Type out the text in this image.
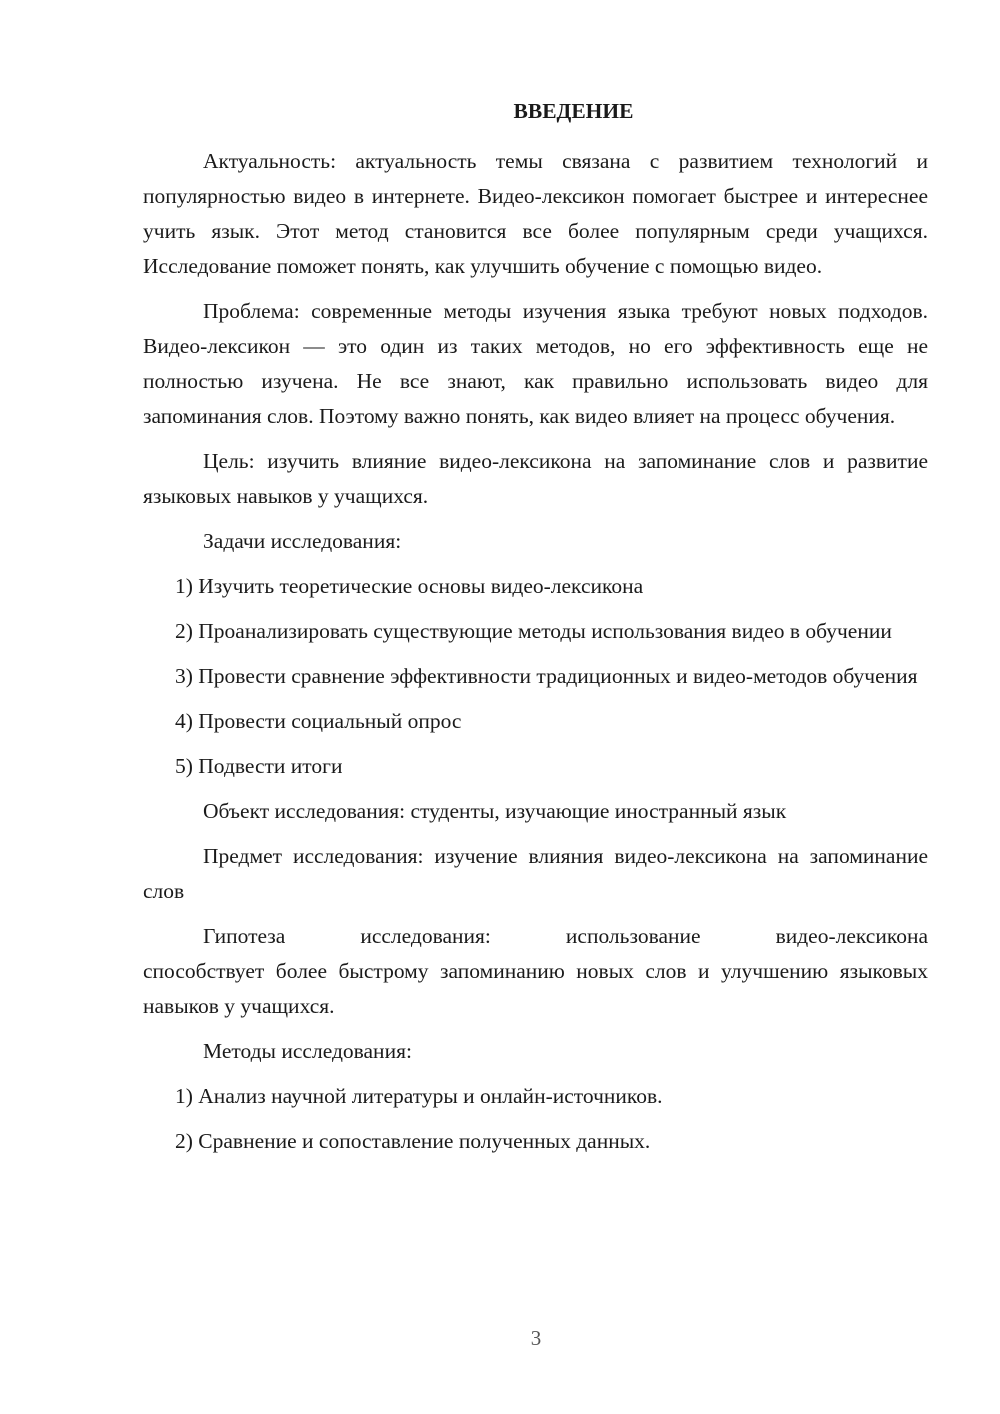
ВВЕДЕНИЕ

Актуальность: актуальность темы связана с развитием технологий и популярностью видео в интернете. Видео-лексикон помогает быстрее и интереснее учить язык. Этот метод становится все более популярным среди учащихся. Исследование поможет понять, как улучшить обучение с помощью видео.

Проблема: современные методы изучения языка требуют новых подходов. Видео-лексикон — это один из таких методов, но его эффективность еще не полностью изучена. Не все знают, как правильно использовать видео для запоминания слов. Поэтому важно понять, как видео влияет на процесс обучения.

Цель: изучить влияние видео-лексикона на запоминание слов и развитие языковых навыков у учащихся.

Задачи исследования:

1) Изучить теоретические основы видео-лексикона

2) Проанализировать существующие методы использования видео в обучении

3) Провести сравнение эффективности традиционных и видео-методов обучения

4) Провести социальный опрос

5) Подвести итоги

Объект исследования: студенты, изучающие иностранный язык

Предмет исследования: изучение влияния видео-лексикона на запоминание слов

Гипотеза исследования: использование видео-лексикона
способствует более быстрому запоминанию новых слов и улучшению языковых навыков у учащихся.

Методы исследования:

1) Анализ научной литературы и онлайн-источников.

2) Сравнение и сопоставление полученных данных.

3
